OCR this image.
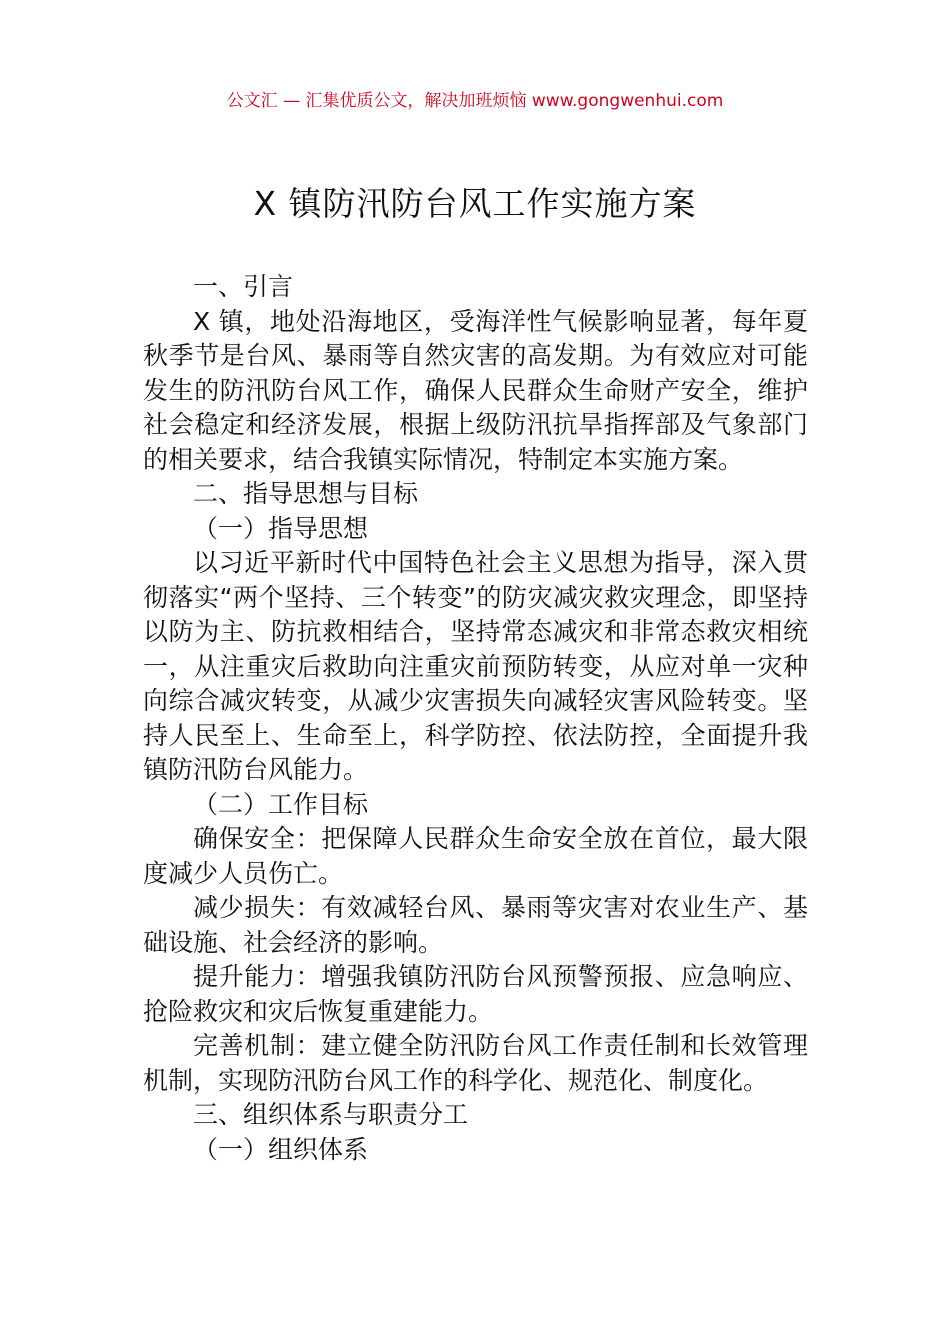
公文汇 — 汇集优质公文，解决加班烦恼 www.gongwenhui.com
X 镇防汛防台风工作实施方案

一、引言

X 镇，地处沿海地区，受海洋性气候影响显著，每年夏秋季节是台风、暴雨等自然灾害的高发期。为有效应对可能发生的防汛防台风工作，确保人民群众生命财产安全，维护社会稳定和经济发展，根据上级防汛抗旱指挥部及气象部门的相关要求，结合我镇实际情况，特制定本实施方案。

二、指导思想与目标

（一）指导思想

以习近平新时代中国特色社会主义思想为指导，深入贯彻落实“两个坚持、三个转变”的防灾减灾救灾理念，即坚持以防为主、防抗救相结合，坚持常态减灾和非常态救灾相统一，从注重灾后救助向注重灾前预防转变，从应对单一灾种向综合减灾转变，从减少灾害损失向减轻灾害风险转变。坚持人民至上、生命至上，科学防控、依法防控，全面提升我镇防汛防台风能力。

（二）工作目标

确保安全：把保障人民群众生命安全放在首位，最大限度减少人员伤亡。

减少损失：有效减轻台风、暴雨等灾害对农业生产、基础设施、社会经济的影响。

提升能力：增强我镇防汛防台风预警预报、应急响应、抢险救灾和灾后恢复重建能力。

完善机制：建立健全防汛防台风工作责任制和长效管理机制，实现防汛防台风工作的科学化、规范化、制度化。

三、组织体系与职责分工

（一）组织体系
